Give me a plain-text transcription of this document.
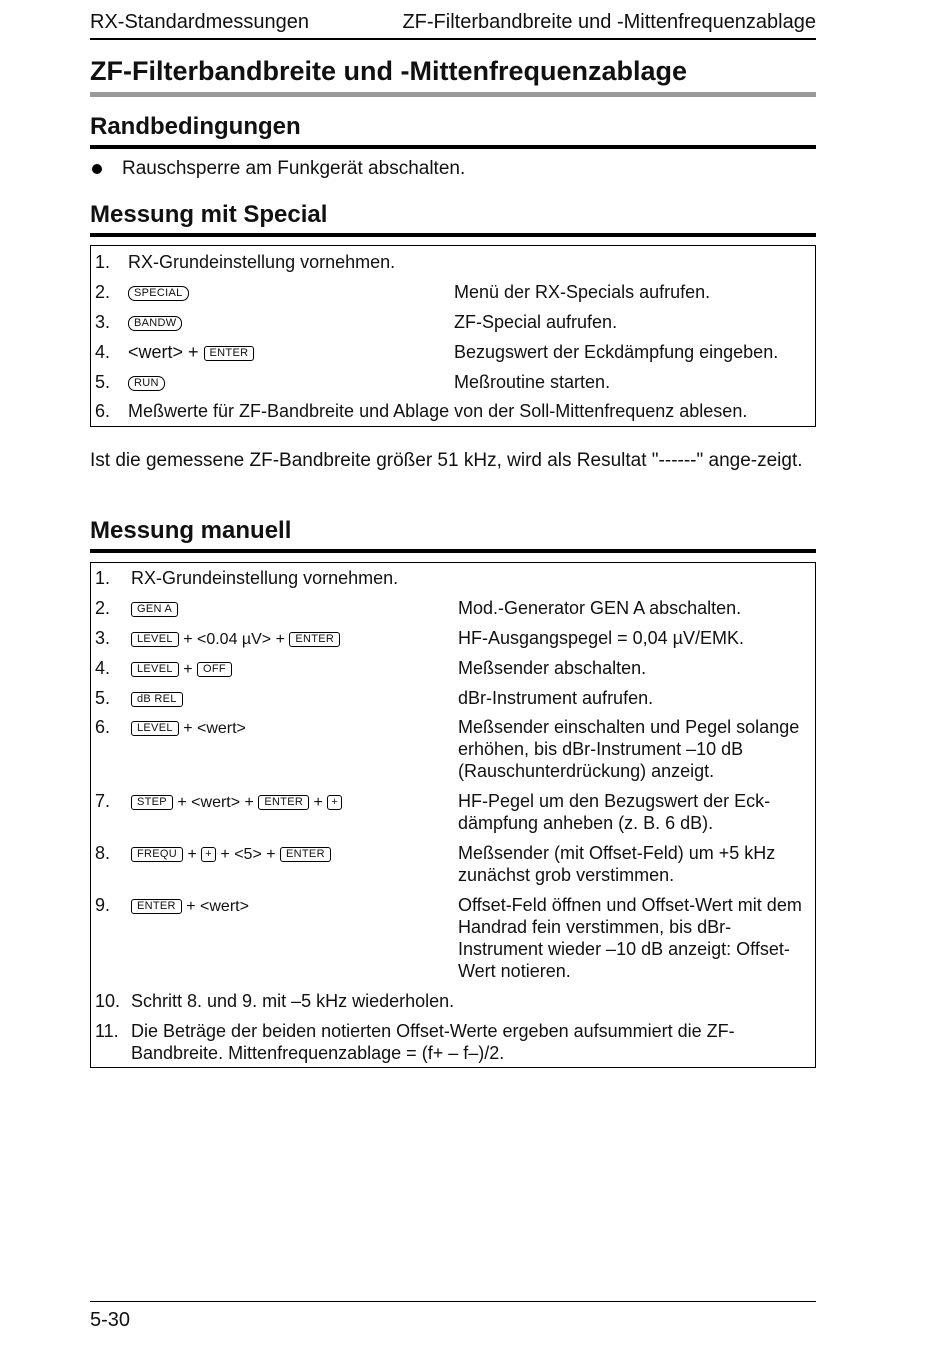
RX-Standardmessungen	ZF-Filterbandbreite und -Mittenfrequenzablage
ZF-Filterbandbreite und -Mittenfrequenzablage
Randbedingungen
Rauschsperre am Funkgerät abschalten.
Messung mit Special
1. RX-Grundeinstellung vornehmen.
2.	SPECIAL	Menü der RX-Specials aufrufen.
3.	BANDW	ZF-Special aufrufen.
4. <wert> + ENTER	Bezugswert der Eckdämpfung eingeben.
5.	RUN	Meßroutine starten.
6. Meßwerte für ZF-Bandbreite und Ablage von der Soll-Mittenfrequenz ablesen.
Ist die gemessene ZF-Bandbreite größer 51 kHz, wird als Resultat "------" ange-zeigt.
Messung manuell
1. RX-Grundeinstellung vornehmen.
2.	GEN A	Mod.-Generator GEN A abschalten.
3.	LEVEL + <0.04 µV> + ENTER	HF-Ausgangspegel = 0,04 µV/EMK.
4.	LEVEL + OFF	Meßsender abschalten.
5.	dB REL	dBr-Instrument aufrufen.
6.	LEVEL + <wert>	Meßsender einschalten und Pegel solange erhöhen, bis dBr-Instrument –10 dB (Rauschunterdrückung) anzeigt.
7.	STEP + <wert> + ENTER + +	HF-Pegel um den Bezugswert der Eck-dämpfung anheben (z. B. 6 dB).
8.	FREQU + + + <5> + ENTER	Meßsender (mit Offset-Feld) um +5 kHz zunächst grob verstimmen.
9.	ENTER + <wert>	Offset-Feld öffnen und Offset-Wert mit dem Handrad fein verstimmen, bis dBr-Instrument wieder –10 dB anzeigt: Offset-Wert notieren.
10. Schritt 8. und 9. mit –5 kHz wiederholen.
11. Die Beträge der beiden notierten Offset-Werte ergeben aufsummiert die ZF-Bandbreite. Mittenfrequenzablage = (f+ – f–)/2.
5-30
